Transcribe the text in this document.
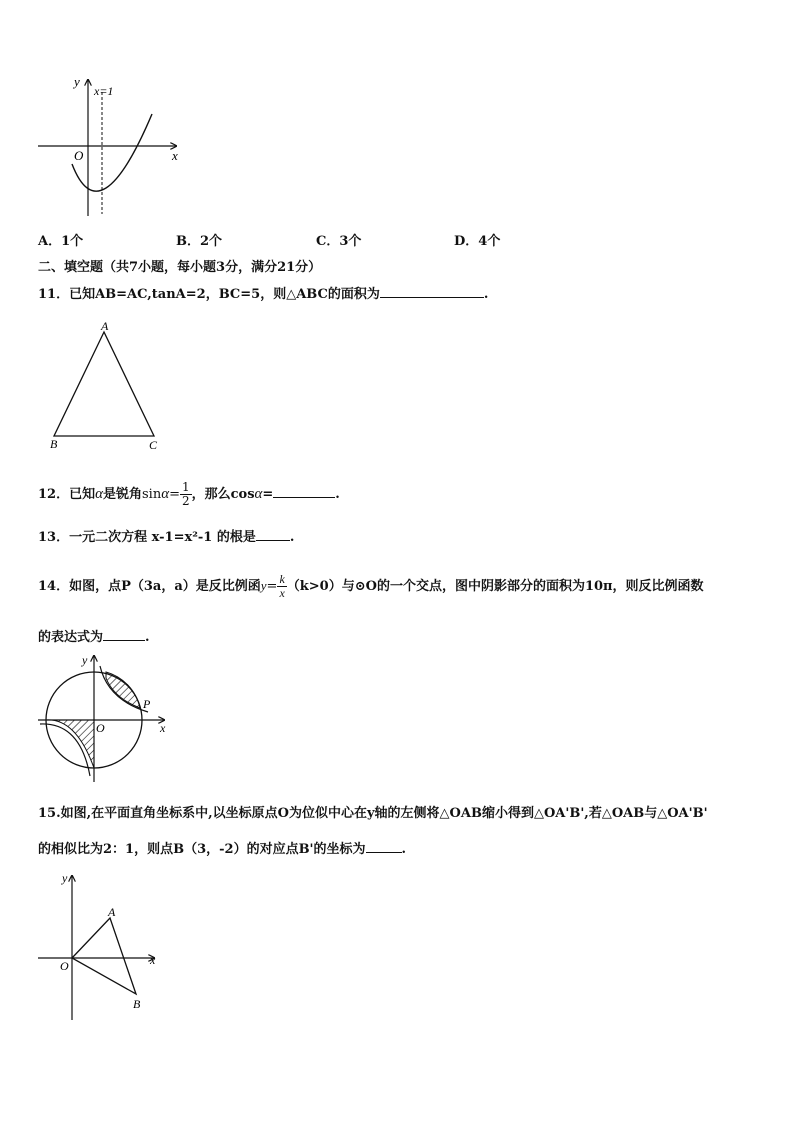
x
y
O
x=1
A．1个	B．2个	C．3个	D．4个
二、填空题（共7小题，每小题3分，满分21分）
11．已知AB=AC,tanA=2，BC=5，则△ABC的面积为	.
A
B	C
12．已知α是锐角$\sin\alpha= \frac{1}{2}$ ，那么cosα=	.
13．一元二次方程 x-1=x²-1 的根是	.
14．如图，点P（3a，a）是反比例函$y= \frac{k}{x} (k>0)$与⊙O的一个交点，图中阴影部分的面积为10π，则反比例函数
的表达式为	.
x
y
O
P
15.如图,在平面直角坐标系中,以坐标原点O为位似中心在y轴的左侧将△OAB缩小得到△OA'B',若△OAB与△OA'B'
的相似比为2：1，则点B（3，-2）的对应点B'的坐标为	.
x
y
O
A
B
